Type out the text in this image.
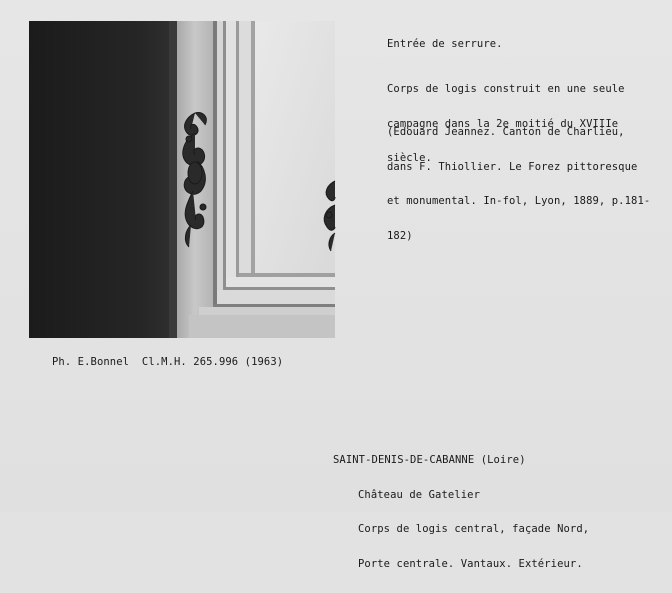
Entrée de serrure.

Corps de logis construit en une seule

campagne dans la 2e moitié du XVIIIe

siècle.

(Edouard Jeannez. Canton de Charlieu,

dans F. Thiollier. Le Forez pittoresque

et monumental. In-fol, Lyon, 1889, p.181-

182)

Ph. E.Bonnel  Cl.M.H. 265.996 (1963)

SAINT-DENIS-DE-CABANNE (Loire)

Château de Gatelier

Corps de logis central, façade Nord,

Porte centrale. Vantaux. Extérieur.
